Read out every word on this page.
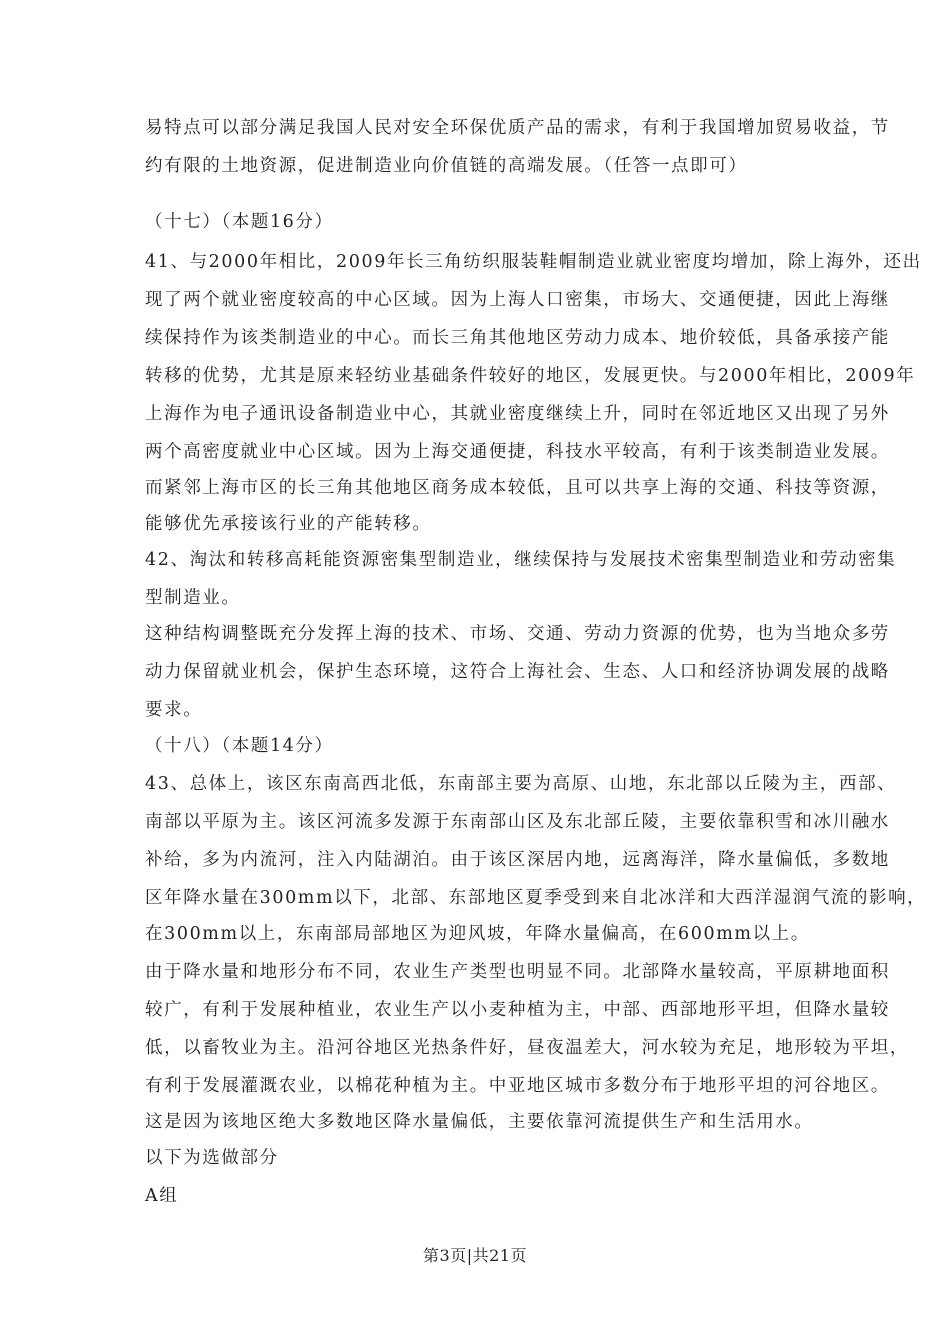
易特点可以部分满足我国人民对安全环保优质产品的需求，有利于我国增加贸易收益，节
约有限的土地资源，促进制造业向价值链的高端发展。（任答一点即可）
（十七）（本题16分）
41、与2000年相比，2009年长三角纺织服装鞋帽制造业就业密度均增加，除上海外，还出
现了两个就业密度较高的中心区域。因为上海人口密集，市场大、交通便捷，因此上海继
续保持作为该类制造业的中心。而长三角其他地区劳动力成本、地价较低，具备承接产能
转移的优势，尤其是原来轻纺业基础条件较好的地区，发展更快。与2000年相比，2009年
上海作为电子通讯设备制造业中心，其就业密度继续上升，同时在邻近地区又出现了另外
两个高密度就业中心区域。因为上海交通便捷，科技水平较高，有利于该类制造业发展。
而紧邻上海市区的长三角其他地区商务成本较低，且可以共享上海的交通、科技等资源，
能够优先承接该行业的产能转移。
42、淘汰和转移高耗能资源密集型制造业，继续保持与发展技术密集型制造业和劳动密集
型制造业。
这种结构调整既充分发挥上海的技术、市场、交通、劳动力资源的优势，也为当地众多劳
动力保留就业机会，保护生态环境，这符合上海社会、生态、人口和经济协调发展的战略
要求。
（十八）（本题14分）
43、总体上，该区东南高西北低，东南部主要为高原、山地，东北部以丘陵为主，西部、
南部以平原为主。该区河流多发源于东南部山区及东北部丘陵，主要依靠积雪和冰川融水
补给，多为内流河，注入内陆湖泊。由于该区深居内地，远离海洋，降水量偏低，多数地
区年降水量在300mm以下，北部、东部地区夏季受到来自北冰洋和大西洋湿润气流的影响，
在300mm以上，东南部局部地区为迎风坡，年降水量偏高，在600mm以上。
由于降水量和地形分布不同，农业生产类型也明显不同。北部降水量较高，平原耕地面积
较广，有利于发展种植业，农业生产以小麦种植为主，中部、西部地形平坦，但降水量较
低，以畜牧业为主。沿河谷地区光热条件好，昼夜温差大，河水较为充足，地形较为平坦，
有利于发展灌溉农业，以棉花种植为主。中亚地区城市多数分布于地形平坦的河谷地区。
这是因为该地区绝大多数地区降水量偏低，主要依靠河流提供生产和生活用水。
以下为选做部分
A组
第3页|共21页
